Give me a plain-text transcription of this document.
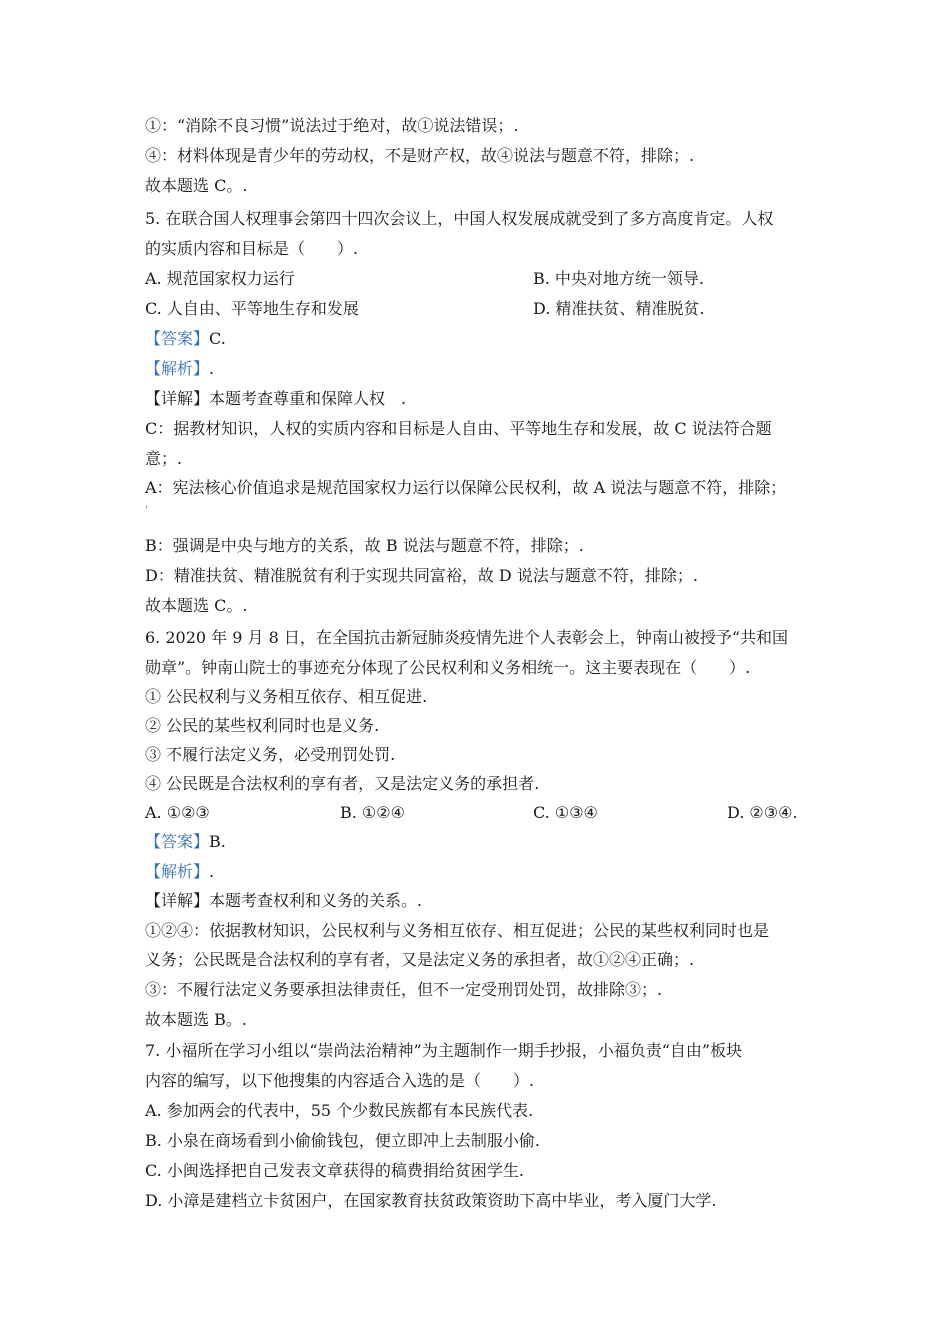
①：“消除不良习惯”说法过于绝对，故①说法错误；.
④：材料体现是青少年的劳动权，不是财产权，故④说法与题意不符，排除；.
故本题选 C。.
5. 在联合国人权理事会第四十四次会议上，中国人权发展成就受到了多方高度肯定。人权
的实质内容和目标是（　　）.
A. 规范国家权力运行	B. 中央对地方统一领导.
C. 人自由、平等地生存和发展	D. 精准扶贫、精准脱贫.
【答案】C.
【解析】.
【详解】本题考查尊重和保障人权　.
C：据教材知识，人权的实质内容和目标是人自由、平等地生存和发展，故 C 说法符合题
意；.
A：宪法核心价值追求是规范国家权力运行以保障公民权利，故 A 说法与题意不符，排除；
'
B：强调是中央与地方的关系，故 B 说法与题意不符，排除；.
D：精准扶贫、精准脱贫有利于实现共同富裕，故 D 说法与题意不符，排除；.
故本题选 C。.
6. 2020 年 9 月 8 日，在全国抗击新冠肺炎疫情先进个人表彰会上，钟南山被授予“共和国
勋章”。钟南山院士的事迹充分体现了公民权利和义务相统一。这主要表现在（　　）.
① 公民权利与义务相互依存、相互促进.
② 公民的某些权利同时也是义务.
③ 不履行法定义务，必受刑罚处罚.
④ 公民既是合法权利的享有者，又是法定义务的承担者.
A. ①②③	B. ①②④	C. ①③④	D. ②③④.
【答案】B.
【解析】.
【详解】本题考查权利和义务的关系。.
①②④：依据教材知识，公民权利与义务相互依存、相互促进；公民的某些权利同时也是
义务；公民既是合法权利的享有者，又是法定义务的承担者，故①②④正确；.
③：不履行法定义务要承担法律责任，但不一定受刑罚处罚，故排除③；.
故本题选 B。.
7. 小福所在学习小组以“崇尚法治精神”为主题制作一期手抄报，小福负责“自由”板块
内容的编写，以下他搜集的内容适合入选的是（　　）.
A. 参加两会的代表中，55 个少数民族都有本民族代表.
B. 小泉在商场看到小偷偷钱包，便立即冲上去制服小偷.
C. 小闽选择把自己发表文章获得的稿费捐给贫困学生.
D. 小漳是建档立卡贫困户，在国家教育扶贫政策资助下高中毕业，考入厦门大学.
